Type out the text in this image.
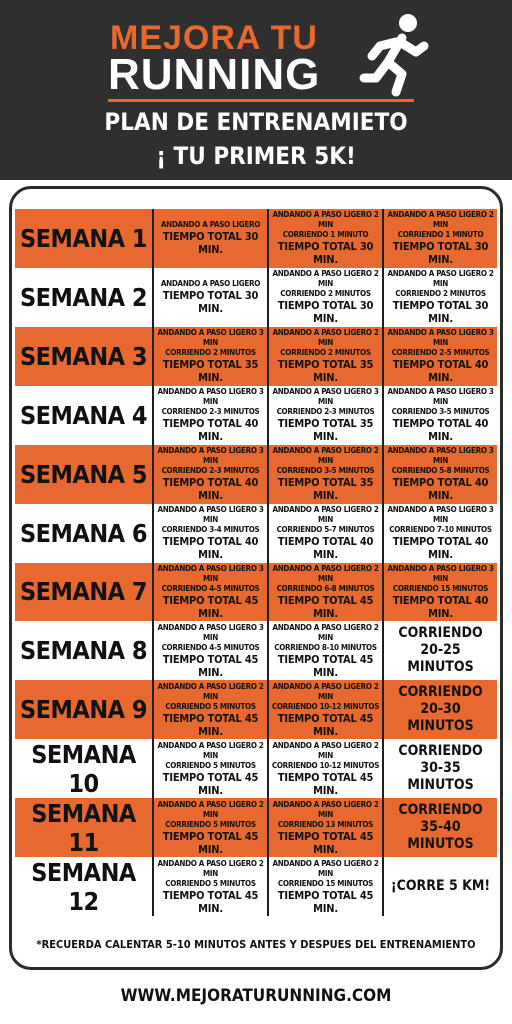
MEJORA TU
RUNNING
PLAN DE ENTRENAMIETO
¡ TU PRIMER 5K!
SEMANA 1	ANDANDO A PASO LIGERO
TIEMPO TOTAL 30 MIN.
ANDANDO A PASO LIGERO 2 MIN
CORRIENDO 1 MINUTO
TIEMPO TOTAL 30 MIN.
ANDANDO A PASO LIGERO 2 MIN
CORRIENDO 1 MINUTO
TIEMPO TOTAL 30 MIN.
SEMANA 2	ANDANDO A PASO LIGERO
TIEMPO TOTAL 30 MIN.
ANDANDO A PASO LIGERO 2 MIN
CORRIENDO 2 MINUTOS
TIEMPO TOTAL 30 MIN.
ANDANDO A PASO LIGERO 2 MIN
CORRIENDO 2 MINUTOS
TIEMPO TOTAL 30 MIN.
SEMANA 3
ANDANDO A PASO LIGERO 3 MIN
CORRIENDO 2 MINUTOS
TIEMPO TOTAL 35 MIN.
ANDANDO A PASO LIGERO 2 MIN
CORRIENDO 2 MINUTOS
TIEMPO TOTAL 35 MIN.
ANDANDO A PASO LIGERO 3 MIN
CORRIENDO 2-5 MINUTOS
TIEMPO TOTAL 40 MIN.
SEMANA 4
ANDANDO A PASO LIGERO 3 MIN
CORRIENDO 2-3 MINUTOS
TIEMPO TOTAL 40 MIN.
ANDANDO A PASO LIGERO 3 MIN
CORRIENDO 2-3 MINUTOS
TIEMPO TOTAL 35 MIN.
ANDANDO A PASO LIGERO 3 MIN
CORRIENDO 3-5 MINUTOS
TIEMPO TOTAL 40 MIN.
SEMANA 5
ANDANDO A PASO LIGERO 3 MIN
CORRIENDO 2-3 MINUTOS
TIEMPO TOTAL 40 MIN.
ANDANDO A PASO LIGERO 2 MIN
CORRIENDO 3-5 MINUTOS
TIEMPO TOTAL 35 MIN.
ANDANDO A PASO LIGERO 3 MIN
CORRIENDO 5-8 MINUTOS
TIEMPO TOTAL 40 MIN.
SEMANA 6
ANDANDO A PASO LIGERO 3 MIN
CORRIENDO 3-4 MINUTOS
TIEMPO TOTAL 40 MIN.
ANDANDO A PASO LIGERO 2 MIN
CORRIENDO 5-7 MINUTOS
TIEMPO TOTAL 40 MIN.
ANDANDO A PASO LIGERO 3 MIN
CORRIENDO 7-10 MINUTOS
TIEMPO TOTAL 40 MIN.
SEMANA 7
ANDANDO A PASO LIGERO 3 MIN
CORRIENDO 4-5 MINUTOS
TIEMPO TOTAL 45 MIN.
ANDANDO A PASO LIGERO 2 MIN
CORRIENDO 6-8 MINUTOS
TIEMPO TOTAL 45 MIN.
ANDANDO A PASO LIGERO 3 MIN
CORRIENDO 15 MINUTOS
TIEMPO TOTAL 40 MIN.
SEMANA 8
ANDANDO A PASO LIGERO 3 MIN
CORRIENDO 4-5 MINUTOS
TIEMPO TOTAL 45 MIN.
ANDANDO A PASO LIGERO 2 MIN
CORRIENDO 8-10 MINUTOS
TIEMPO TOTAL 45 MIN.
CORRIENDO
20-25 MINUTOS
SEMANA 9
ANDANDO A PASO LIGERO 2 MIN
CORRIENDO 5 MINUTOS
TIEMPO TOTAL 45 MIN.
ANDANDO A PASO LIGERO 2 MIN
CORRIENDO 10-12 MINUTOS
TIEMPO TOTAL 45 MIN.
CORRIENDO
20-30 MINUTOS
SEMANA 10
ANDANDO A PASO LIGERO 2 MIN
CORRIENDO 5 MINUTOS
TIEMPO TOTAL 45 MIN.
ANDANDO A PASO LIGERO 2 MIN
CORRIENDO 10-12 MINUTOS
TIEMPO TOTAL 45 MIN.
CORRIENDO
30-35 MINUTOS
SEMANA 11
ANDANDO A PASO LIGERO 2 MIN
CORRIENDO 5 MINUTOS
TIEMPO TOTAL 45 MIN.
ANDANDO A PASO LIGERO 2 MIN
CORRIENDO 13 MINUTOS
TIEMPO TOTAL 45 MIN.
CORRIENDO
35-40 MINUTOS
SEMANA 12
ANDANDO A PASO LIGERO 2 MIN
CORRIENDO 5 MINUTOS
TIEMPO TOTAL 45 MIN.
ANDANDO A PASO LIGERO 2 MIN
CORRIENDO 15 MINUTOS
TIEMPO TOTAL 45 MIN.
¡CORRE 5 KM!
*RECUERDA CALENTAR 5-10 MINUTOS ANTES Y DESPUES DEL ENTRENAMIENTO
WWW.MEJORATURUNNING.COM
